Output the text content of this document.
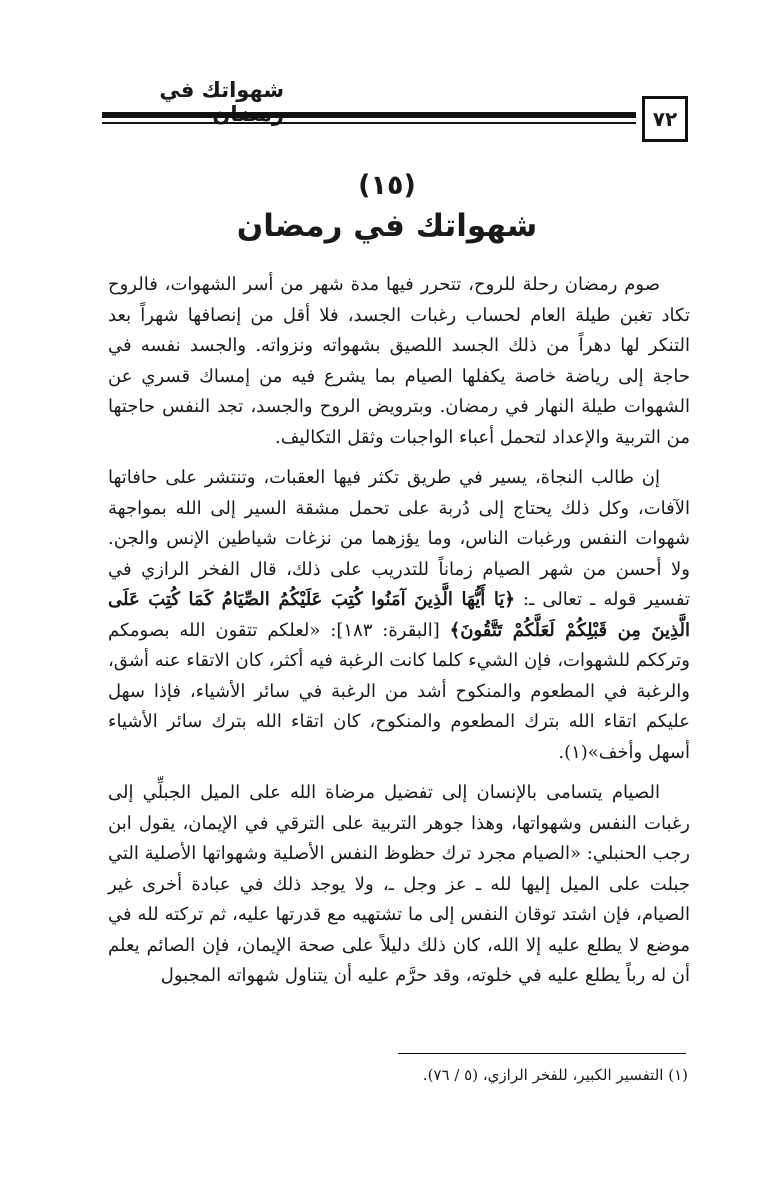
شهواتك في
٧٢
(١٥)
شهواتك في رمضان

صوم رمضان رحلة للروح، تتحرر فيها مدة شهر من أسر الشهوات، فالروح تكاد تغبن طيلة العام لحساب رغبات الجسد، فلا أقل من إنصافها شهراً بعد التنكر لها دهراً من ذلك الجسد اللصيق بشهواته ونزواته. والجسد نفسه في حاجة إلى رياضة خاصة يكفلها الصيام بما يشرع فيه من إمساك قسري عن الشهوات طيلة النهار في رمضان. وبترويض الروح والجسد، تجد النفس حاجتها من التربية والإعداد لتحمل أعباء الواجبات وثقل التكاليف.

إن طالب النجاة، يسير في طريق تكثر فيها العقبات، وتنتشر على حافاتها الآفات، وكل ذلك يحتاج إلى دُربة على تحمل مشقة السير إلى الله بمواجهة شهوات النفس ورغبات الناس، وما يؤزهما من نزغات شياطين الإنس والجن. ولا أحسن من شهر الصيام زماناً للتدريب على ذلك، قال الفخر الرازي في تفسير قوله ـ تعالى ـ: ﴿يَا أَيُّهَا الَّذِينَ آمَنُوا كُتِبَ عَلَيْكُمُ الصِّيَامُ كَمَا كُتِبَ عَلَى الَّذِينَ مِن قَبْلِكُمْ لَعَلَّكُمْ تَتَّقُونَ﴾ [البقرة: ١٨٣]: «لعلكم تتقون الله بصومكم وترككم للشهوات، فإن الشيء كلما كانت الرغبة فيه أكثر، كان الاتقاء عنه أشق، والرغبة في المطعوم والمنكوح أشد من الرغبة في سائر الأشياء، فإذا سهل عليكم اتقاء الله بترك المطعوم والمنكوح، كان اتقاء الله بترك سائر الأشياء أسهل وأخف»(١).

الصيام يتسامى بالإنسان إلى تفضيل مرضاة الله على الميل الجبلِّي إلى رغبات النفس وشهواتها، وهذا جوهر التربية على الترقي في الإيمان، يقول ابن رجب الحنبلي: «الصيام مجرد ترك حظوظ النفس الأصلية وشهواتها الأصلية التي جبلت على الميل إليها لله ـ عز وجل ـ، ولا يوجد ذلك في عبادة أخرى غير الصيام، فإن اشتد توقان النفس إلى ما تشتهيه مع قدرتها عليه، ثم تركته لله في موضع لا يطلع عليه إلا الله، كان ذلك دليلاً على صحة الإيمان، فإن الصائم يعلم أن له رباً يطلع عليه في خلوته، وقد حرَّم عليه أن يتناول شهواته المجبول

(١) التفسير الكبير، للفخر الرازي، (٥ / ٧٦).
